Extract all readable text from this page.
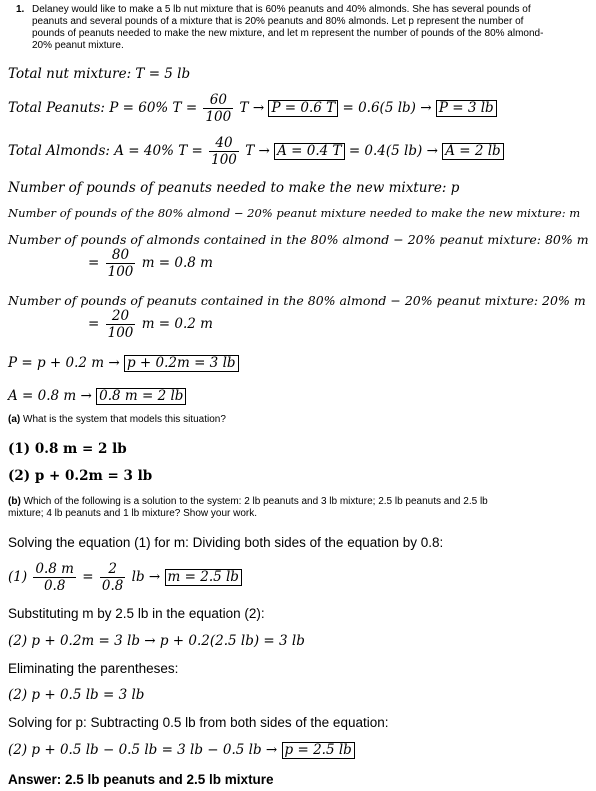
1. Delaney would like to make a 5 lb nut mixture that is 60% peanuts and 40% almonds. She has several pounds of peanuts and several pounds of a mixture that is 20% peanuts and 80% almonds. Let p represent the number of pounds of peanuts needed to make the new mixture, and let m represent the number of pounds of the 80% almond-20% peanut mixture.
Total nut mixture: T = 5 lb
Total Peanuts: P = 60% $T = \frac{60}{100}$ T → P = 0.6 T = 0.6(5 lb) → P = 3 lb
Total Almonds: A = 40% $T = \frac{40}{100}$ T → A = 0.4 T = 0.4(5 lb) → A = 2 lb
Number of pounds of peanuts needed to make the new mixture: p
Number of pounds of the 80% almond − 20% peanut mixture needed to make the new mixture: m
Number of pounds of almonds contained in the 80% almond − 20% peanut mixture: 80% m
= $\frac{80}{100}$ m = 0.8 m
Number of pounds of peanuts contained in the 80% almond − 20% peanut mixture: 20% m
= $\frac{20}{100}$ m = 0.2 m
P = p + 0.2 m → p + 0.2m = 3 lb
A = 0.8 m → 0.8 m = 2 lb
(a) What is the system that models this situation?
(1) 0.8 m = 2 lb
(2) p + 0.2m = 3 lb
(b) Which of the following is a solution to the system: 2 lb peanuts and 3 lb mixture; 2.5 lb peanuts and 2.5 lb mixture; 4 lb peanuts and 1 lb mixture? Show your work.
Solving the equation (1) for m: Dividing both sides of the equation by 0.8:
$(1) \frac{0.8 m}{0.8} = \frac{2}{0.8}$ lb → m = 2.5 lb
Substituting m by 2.5 lb in the equation (2):
(2) p + 0.2m = 3 lb → p + 0.2(2.5 lb) = 3 lb
Eliminating the parentheses:
(2) p + 0.5 lb = 3 lb
Solving for p: Subtracting 0.5 lb from both sides of the equation:
(2) p + 0.5 lb − 0.5 lb = 3 lb − 0.5 lb → p = 2.5 lb
Answer: 2.5 lb peanuts and 2.5 lb mixture
